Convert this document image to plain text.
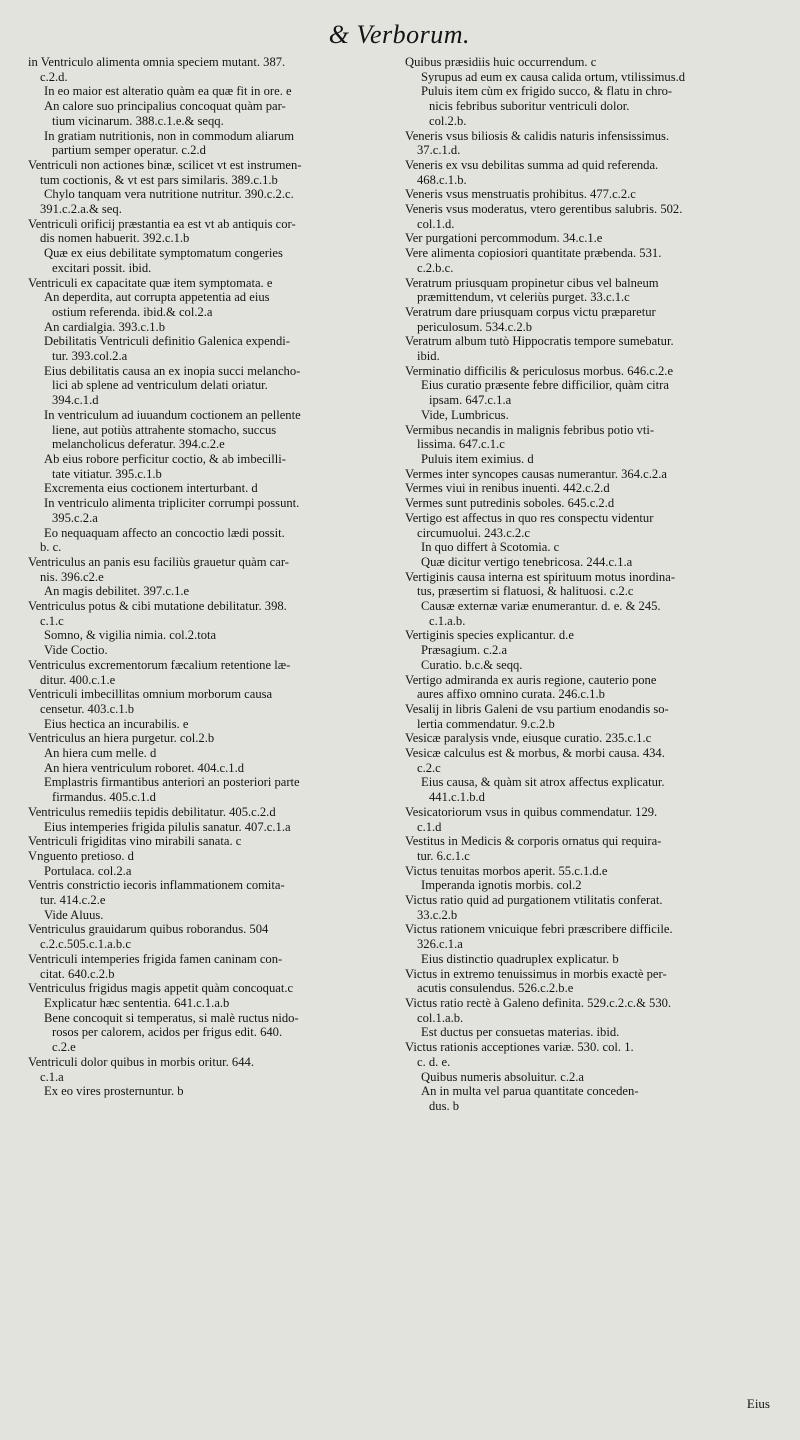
& Verborum.
in Ventriculo alimenta omnia speciem mutant. 387.
c.2.d.
In eo maior est alteratio quàm ea quæ fit in ore. e
An calore suo principalius concoquat quàm par-
tium vicinarum. 388.c.1.e.& seqq.
In gratiam nutritionis, non in commodum aliarum
partium semper operatur. c.2.d
Ventriculi non actiones binæ, scilicet vt est instrumen-
tum coctionis, & vt est pars similaris. 389.c.1.b
Chylo tanquam vera nutritione nutritur. 390.c.2.c.
391.c.2.a.& seq.
Ventriculi orificij præstantia ea est vt ab antiquis cor-
dis nomen habuerit. 392.c.1.b
Quæ ex eius debilitate symptomatum congeries
excitari possit. ibid.
Ventriculi ex capacitate quæ item symptomata. e
An deperdita, aut corrupta appetentia ad eius
ostium referenda. ibid.& col.2.a
An cardialgia. 393.c.1.b
Debilitatis Ventriculi definitio Galenica expendi-
tur. 393.col.2.a
Eius debilitatis causa an ex inopia succi melancho-
lici ab splene ad ventriculum delati oriatur.
394.c.1.d
In ventriculum ad iuuandum coctionem an pellente
liene, aut potiùs attrahente stomacho, succus
melancholicus deferatur. 394.c.2.e
Ab eius robore perficitur coctio, & ab imbecilli-
tate vitiatur. 395.c.1.b
Excrementa eius coctionem interturbant. d
In ventriculo alimenta tripliciter corrumpi possunt.
395.c.2.a
Eo nequaquam affecto an concoctio lædi possit.
b. c.
Ventriculus an panis esu faciliùs grauetur quàm car-
nis. 396.c2.e
An magis debilitet. 397.c.1.e
Ventriculus potus & cibi mutatione debilitatur. 398.
c.1.c
Somno, & vigilia nimia. col.2.tota
Vide Coctio.
Ventriculus excrementorum fæcalium retentione læ-
ditur. 400.c.1.e
Ventriculi imbecillitas omnium morborum causa
censetur. 403.c.1.b
Eius hectica an incurabilis. e
Ventriculus an hiera purgetur. col.2.b
An hiera cum melle. d
An hiera ventriculum roboret. 404.c.1.d
Emplastris firmantibus anteriori an posteriori parte
firmandus. 405.c.1.d
Ventriculus remediis tepidis debilitatur. 405.c.2.d
Eius intemperies frigida pilulis sanatur. 407.c.1.a
Ventriculi frigiditas vino mirabili sanata. c
Vnguento pretioso. d
Portulaca. col.2.a
Ventris constrictio iecoris inflammationem comita-
tur. 414.c.2.e
Vide Aluus.
Ventriculus grauidarum quibus roborandus. 504
c.2.c.505.c.1.a.b.c
Ventriculi intemperies frigida famen caninam con-
citat. 640.c.2.b
Ventriculus frigidus magis appetit quàm concoquat.c
Explicatur hæc sententia. 641.c.1.a.b
Bene concoquit si temperatus, si malè ructus nido-
rosos per calorem, acidos per frigus edit. 640.
c.2.e
Ventriculi dolor quibus in morbis oritur. 644.
c.1.a
Ex eo vires prosternuntur. b
Quibus præsidiis huic occurrendum. c
Syrupus ad eum ex causa calida ortum, vtilissimus.d
Puluis item cùm ex frigido succo, & flatu in chro-
nicis febribus suboritur ventriculi dolor.
col.2.b.
Veneris vsus biliosis & calidis naturis infensissimus.
37.c.1.d.
Veneris ex vsu debilitas summa ad quid referenda.
468.c.1.b.
Veneris vsus menstruatis prohibitus. 477.c.2.c
Veneris vsus moderatus, vtero gerentibus salubris. 502.
col.1.d.
Ver purgationi percommodum. 34.c.1.e
Vere alimenta copiosiori quantitate præbenda. 531.
c.2.b.c.
Veratrum priusquam propinetur cibus vel balneum
præmittendum, vt celeriùs purget. 33.c.1.c
Veratrum dare priusquam corpus victu præparetur
periculosum. 534.c.2.b
Veratrum album tutò Hippocratis tempore sumebatur.
ibid.
Verminatio difficilis & periculosus morbus. 646.c.2.e
Eius curatio præsente febre difficilior, quàm citra
ipsam. 647.c.1.a
Vide, Lumbricus.
Vermibus necandis in malignis febribus potio vti-
lissima. 647.c.1.c
Puluis item eximius. d
Vermes inter syncopes causas numerantur. 364.c.2.a
Vermes viui in renibus inuenti. 442.c.2.d
Vermes sunt putredinis soboles. 645.c.2.d
Vertigo est affectus in quo res conspectu videntur
circumuolui. 243.c.2.c
In quo differt à Scotomia. c
Quæ dicitur vertigo tenebricosa. 244.c.1.a
Vertiginis causa interna est spirituum motus inordina-
tus, præsertim si flatuosi, & halituosi. c.2.c
Causæ externæ variæ enumerantur. d. e. & 245.
c.1.a.b.
Vertiginis species explicantur. d.e
Præsagium. c.2.a
Curatio. b.c.& seqq.
Vertigo admiranda ex auris regione, cauterio pone
aures affixo omnino curata. 246.c.1.b
Vesalij in libris Galeni de vsu partium enodandis so-
lertia commendatur. 9.c.2.b
Vesicæ paralysis vnde, eiusque curatio. 235.c.1.c
Vesicæ calculus est & morbus, & morbi causa. 434.
c.2.c
Eius causa, & quàm sit atrox affectus explicatur.
441.c.1.b.d
Vesicatoriorum vsus in quibus commendatur. 129.
c.1.d
Vestitus in Medicis & corporis ornatus qui requira-
tur. 6.c.1.c
Victus tenuitas morbos aperit. 55.c.1.d.e
Imperanda ignotis morbis. col.2
Victus ratio quid ad purgationem vtilitatis conferat.
33.c.2.b
Victus rationem vnicuique febri præscribere difficile.
326.c.1.a
Eius distinctio quadruplex explicatur. b
Victus in extremo tenuissimus in morbis exactè per-
acutis consulendus. 526.c.2.b.e
Victus ratio rectè à Galeno definita. 529.c.2.c.& 530.
col.1.a.b.
Est ductus per consuetas materias. ibid.
Victus rationis acceptiones variæ. 530. col. 1.
c. d. e.
Quibus numeris absoluitur. c.2.a
An in multa vel parua quantitate conceden-
dus. b
Eius
